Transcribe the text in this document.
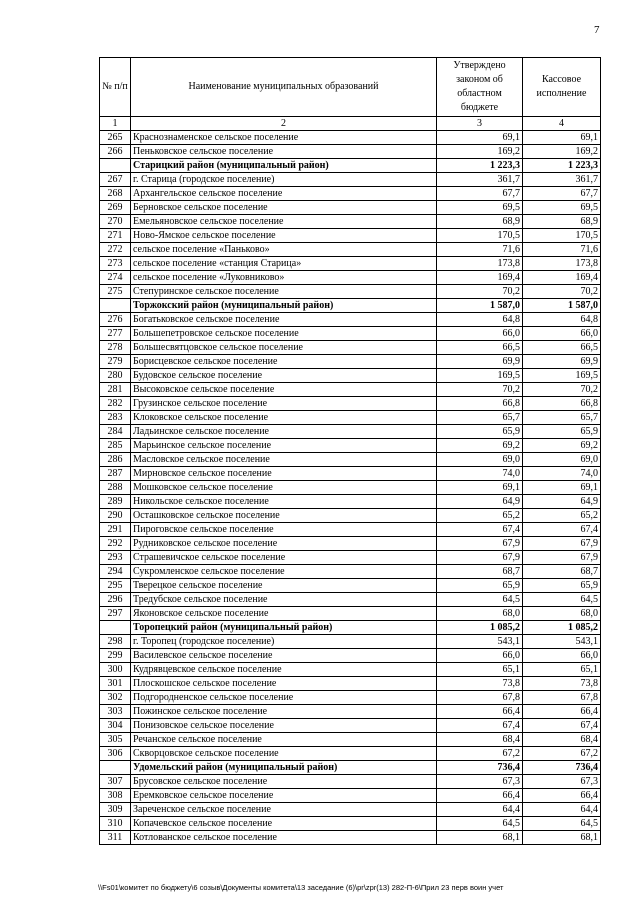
7
№ п/п	Наименование муниципальных образований	Утверждено законом об областном бюджете	Кассовое исполнение
1	2	3	4
265	Краснознаменское сельское поселение	69,1	69,1
266	Пеньковское сельское поселение	169,2	169,2
	Старицкий район (муниципальный район)	1 223,3	1 223,3
267	г. Старица (городское поселение)	361,7	361,7
268	Архангельское сельское поселение	67,7	67,7
269	Берновское сельское поселение	69,5	69,5
270	Емельяновское сельское поселение	68,9	68,9
271	Ново-Ямское сельское поселение	170,5	170,5
272	сельское поселение «Паньково»	71,6	71,6
273	сельское поселение «станция Старица»	173,8	173,8
274	сельское поселение «Луковниково»	169,4	169,4
275	Степуринское сельское поселение	70,2	70,2
	Торжокский район (муниципальный район)	1 587,0	1 587,0
276	Богатьковское сельское поселение	64,8	64,8
277	Большепетровское сельское поселение	66,0	66,0
278	Большесвятцовское сельское поселение	66,5	66,5
279	Борисцевское сельское поселение	69,9	69,9
280	Будовское сельское поселение	169,5	169,5
281	Высоковское сельское поселение	70,2	70,2
282	Грузинское сельское поселение	66,8	66,8
283	Клоковское сельское поселение	65,7	65,7
284	Ладьинское сельское поселение	65,9	65,9
285	Марьинское сельское поселение	69,2	69,2
286	Масловское сельское поселение	69,0	69,0
287	Мирновское сельское поселение	74,0	74,0
288	Мошковское сельское поселение	69,1	69,1
289	Никольское сельское поселение	64,9	64,9
290	Осташковское сельское поселение	65,2	65,2
291	Пироговское сельское поселение	67,4	67,4
292	Рудниковское сельское поселение	67,9	67,9
293	Страшевичское сельское поселение	67,9	67,9
294	Сукромленское сельское поселение	68,7	68,7
295	Тверецкое сельское поселение	65,9	65,9
296	Тредубское сельское поселение	64,5	64,5
297	Яконовское сельское поселение	68,0	68,0
	Торопецкий район (муниципальный район)	1 085,2	1 085,2
298	г. Торопец (городское поселение)	543,1	543,1
299	Василевское сельское поселение	66,0	66,0
300	Кудрявцевское сельское поселение	65,1	65,1
301	Плоскошское сельское поселение	73,8	73,8
302	Подгородненское сельское поселение	67,8	67,8
303	Пожинское сельское поселение	66,4	66,4
304	Понизовское сельское поселение	67,4	67,4
305	Речанское сельское поселение	68,4	68,4
306	Скворцовское сельское поселение	67,2	67,2
	Удомельский район (муниципальный район)	736,4	736,4
307	Брусовское сельское поселение	67,3	67,3
308	Еремковское сельское поселение	66,4	66,4
309	Зареченское сельское поселение	64,4	64,4
310	Копачевское сельское поселение	64,5	64,5
311	Котлованское сельское поселение	68,1	68,1
\\Fs01\комитет по бюджету\6 созыв\Документы комитета\13 заседание (6)\pr\zpr(13) 282-П-6\Прил 23 перв воин учет
